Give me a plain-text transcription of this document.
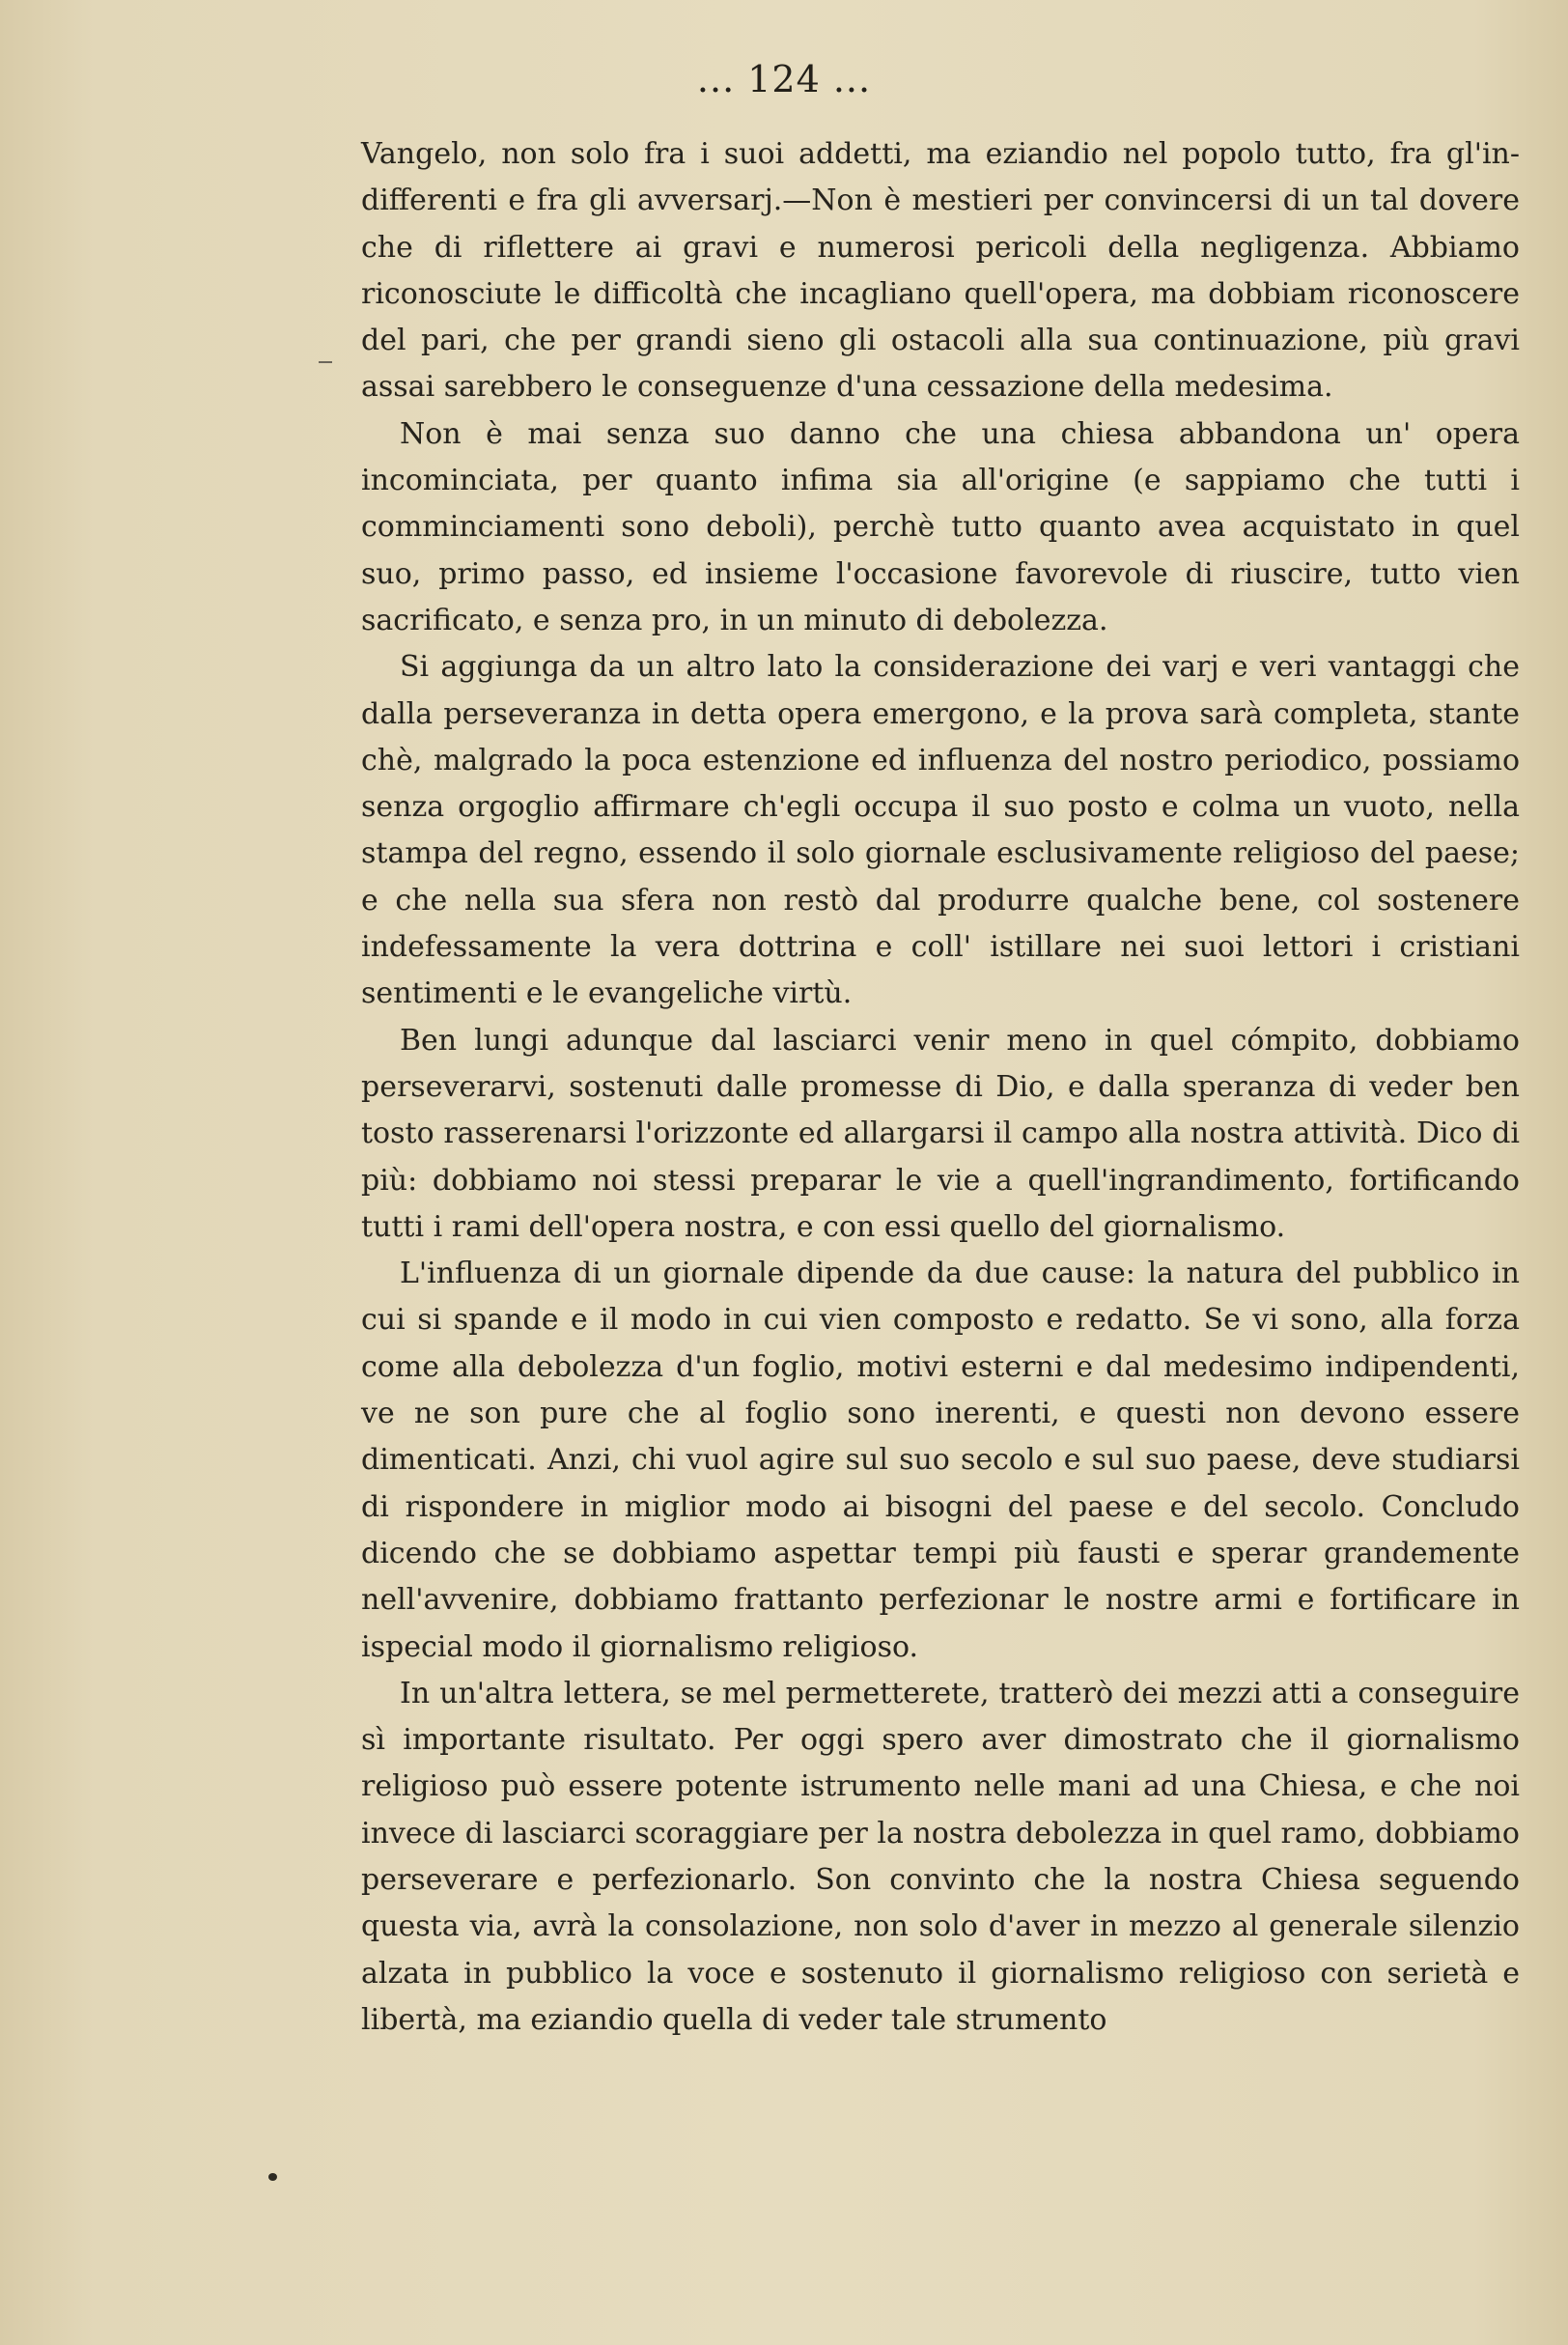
... 124 ...

Vangelo, non solo fra i suoi addetti, ma eziandio nel popolo tutto, fra gl'in-differenti e fra gli avversarj.—Non è mestieri per convincersi di un tal dovere che di riflettere ai gravi e numerosi pericoli della negligenza. Abbiamo riconosciute le difficoltà che incagliano quell'opera, ma dobbiam riconoscere del pari, che per grandi sieno gli ostacoli alla sua continuazione, più gravi assai sarebbero le conseguenze d'una cessazione della medesima.

Non è mai senza suo danno che una chiesa abbandona un' opera incominciata, per quanto infima sia all'origine (e sappiamo che tutti i comminciamenti sono deboli), perchè tutto quanto avea acquistato in quel suo, primo passo, ed insieme l'occasione favorevole di riuscire, tutto vien sacrificato, e senza pro, in un minuto di debolezza.

Si aggiunga da un altro lato la considerazione dei varj e veri vantaggi che dalla perseveranza in detta opera emergono, e la prova sarà completa, stante chè, malgrado la poca estenzione ed influenza del nostro periodico, possiamo senza orgoglio affirmare ch'egli occupa il suo posto e colma un vuoto, nella stampa del regno, essendo il solo giornale esclusivamente religioso del paese; e che nella sua sfera non restò dal produrre qualche bene, col sostenere indefessamente la vera dottrina e coll' istillare nei suoi lettori i cristiani sentimenti e le evangeliche virtù.

Ben lungi adunque dal lasciarci venir meno in quel cómpito, dobbiamo perseverarvi, sostenuti dalle promesse di Dio, e dalla speranza di veder ben tosto rasserenarsi l'orizzonte ed allargarsi il campo alla nostra attività. Dico di più: dobbiamo noi stessi preparar le vie a quell'ingrandimento, fortificando tutti i rami dell'opera nostra, e con essi quello del giornalismo.

L'influenza di un giornale dipende da due cause: la natura del pubblico in cui si spande e il modo in cui vien composto e redatto. Se vi sono, alla forza come alla debolezza d'un foglio, motivi esterni e dal medesimo indipendenti, ve ne son pure che al foglio sono inerenti, e questi non devono essere dimenticati. Anzi, chi vuol agire sul suo secolo e sul suo paese, deve studiarsi di rispondere in miglior modo ai bisogni del paese e del secolo. Concludo dicendo che se dobbiamo aspettar tempi più fausti e sperar grandemente nell'avvenire, dobbiamo frattanto perfezionar le nostre armi e fortificare in ispecial modo il giornalismo religioso.

In un'altra lettera, se mel permetterete, tratterò dei mezzi atti a conseguire sì importante risultato. Per oggi spero aver dimostrato che il giornalismo religioso può essere potente istrumento nelle mani ad una Chiesa, e che noi invece di lasciarci scoraggiare per la nostra debolezza in quel ramo, dobbiamo perseverare e perfezionarlo. Son convinto che la nostra Chiesa seguendo questa via, avrà la consolazione, non solo d'aver in mezzo al generale silenzio alzata in pubblico la voce e sostenuto il giornalismo religioso con serietà e libertà, ma eziandio quella di veder tale strumento
